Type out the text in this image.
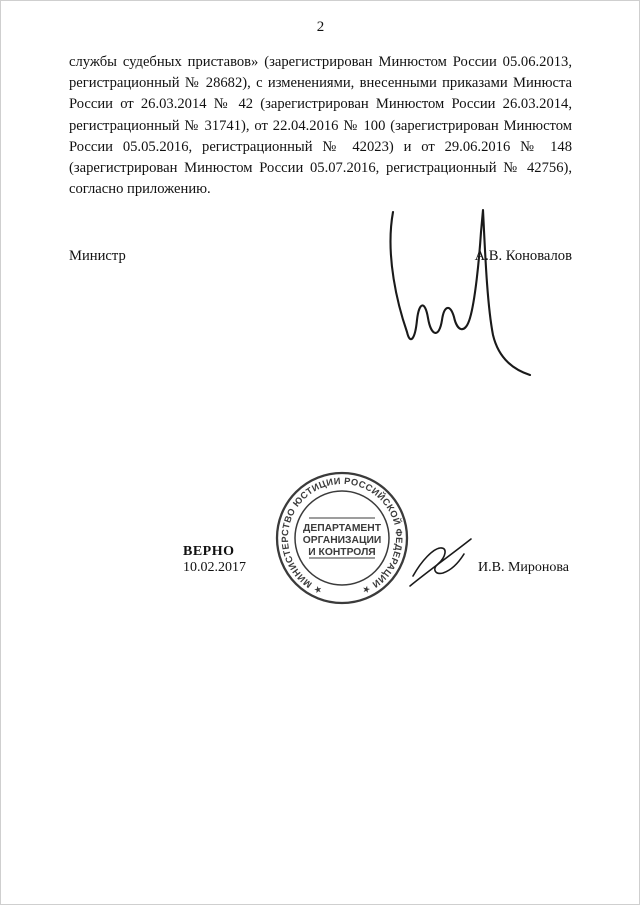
2
службы судебных приставов» (зарегистрирован Минюстом России 05.06.2013,
регистрационный № 28682), с изменениями, внесенными приказами Минюста
России от 26.03.2014 № 42 (зарегистрирован Минюстом России 26.03.2014,
регистрационный № 31741), от 22.04.2016 № 100 (зарегистрирован Минюстом
России 05.05.2016, регистрационный № 42023) и от 29.06.2016 № 148
(зарегистрирован Минюстом России 05.07.2016, регистрационный № 42756),
согласно приложению.
Министр	А.В. Коновалов
ВЕРНО
10.02.2017
★ МИНИСТЕРСТВО ЮСТИЦИИ РОССИЙСКОЙ ФЕДЕРАЦИИ ★
ДЕПАРТАМЕНТ
ОРГАНИЗАЦИИ
И КОНТРОЛЯ
И.В. Миронова
